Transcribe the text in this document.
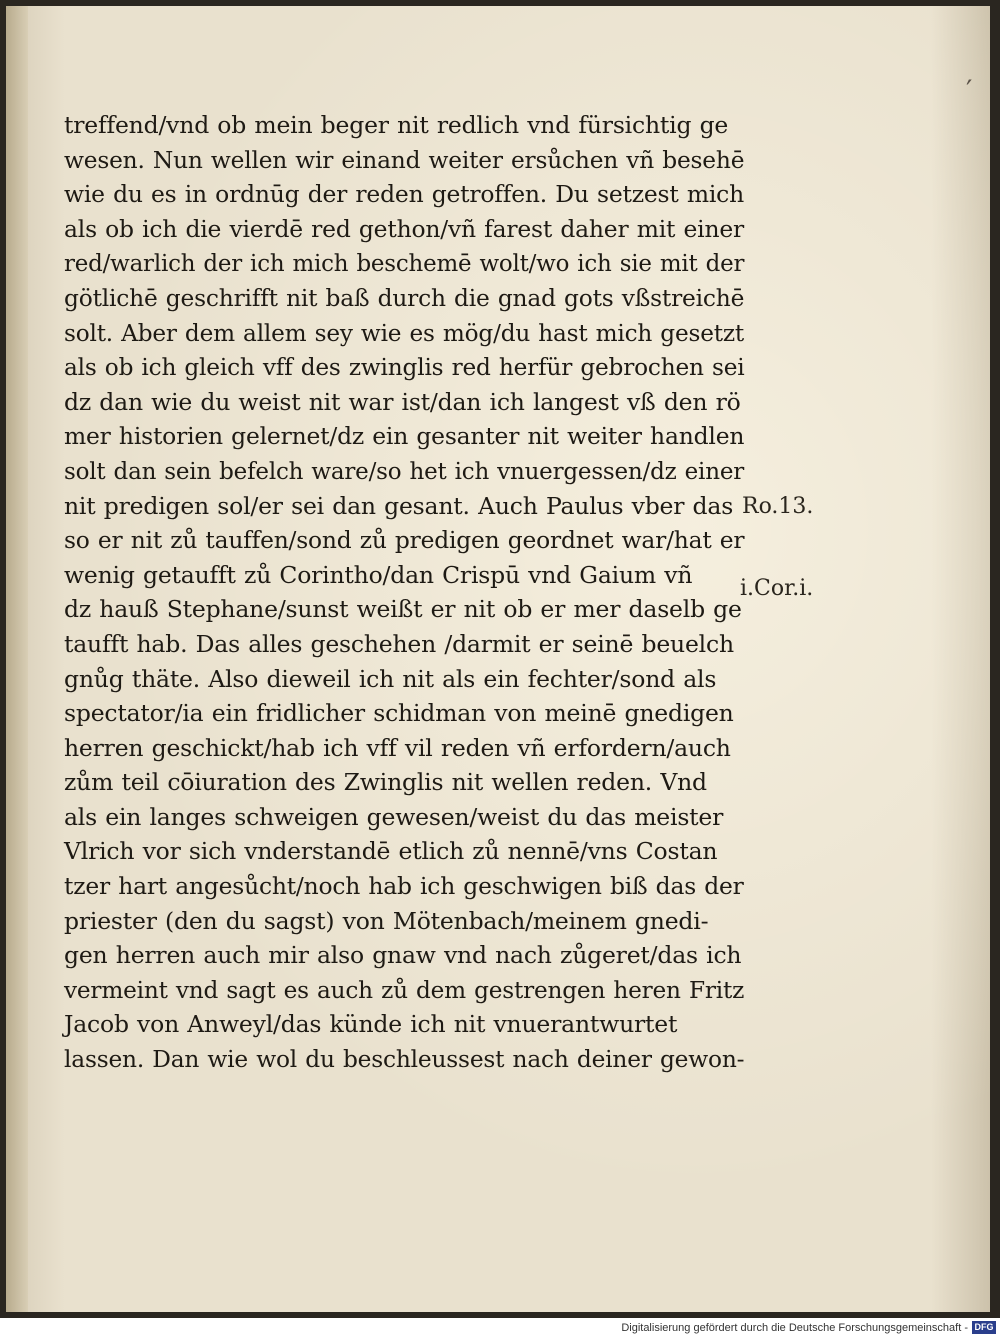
′
treffend/vnd ob mein beger nit redlich vnd fürsichtig ge
wesen. Nun wellen wir einand weiter ersůchen vñ besehē
wie du es in ordnūg der reden getroffen. Du setzest mich
als ob ich die vierdē red gethon/vñ farest daher mit einer
red/warlich der ich mich beschemē wolt/wo ich sie mit der
götlichē geschrifft nit baß durch die gnad gots vßstreichē
solt. Aber dem allem sey wie es mög/du hast mich gesetzt
als ob ich gleich vff des zwinglis red herfür gebrochen sei
dz dan wie du weist nit war ist/dan ich langest vß den rö
mer historien gelernet/dz ein gesanter nit weiter handlen
solt dan sein befelch ware/so het ich vnuergessen/dz einer
nit predigen sol/er sei dan gesant. Auch Paulus vber das
so er nit zů tauffen/sond zů predigen geordnet war/hat er
wenig getaufft zů Corintho/dan Crispū vnd Gaium vñ
dz hauß Stephane/sunst weißt er nit ob er mer daselb ge
taufft hab. Das alles geschehen /darmit er seinē beuelch
gnůg thäte. Also dieweil ich nit als ein fechter/sond als
spectator/ia ein fridlicher schidman von meinē gnedigen
herren geschickt/hab ich vff vil reden vñ erfordern/auch
zům teil cōiuration des Zwinglis nit wellen reden. Vnd
als ein langes schweigen gewesen/weist du das meister
Vlrich vor sich vnderstandē etlich zů nennē/vns Costan
tzer hart angesůcht/noch hab ich geschwigen biß das der
priester (den du sagst) von Mötenbach/meinem gnedi-
gen herren auch mir also gnaw vnd nach zůgeret/das ich
vermeint vnd sagt es auch zů dem gestrengen heren Fritz
Jacob von Anweyl/das künde ich nit vnuerantwurtet
lassen. Dan wie wol du beschleussest nach deiner gewon-
Ro.13.
i.Cor.i.
Digitalisierung gefördert durch die Deutsche Forschungsgemeinschaft - DFG
